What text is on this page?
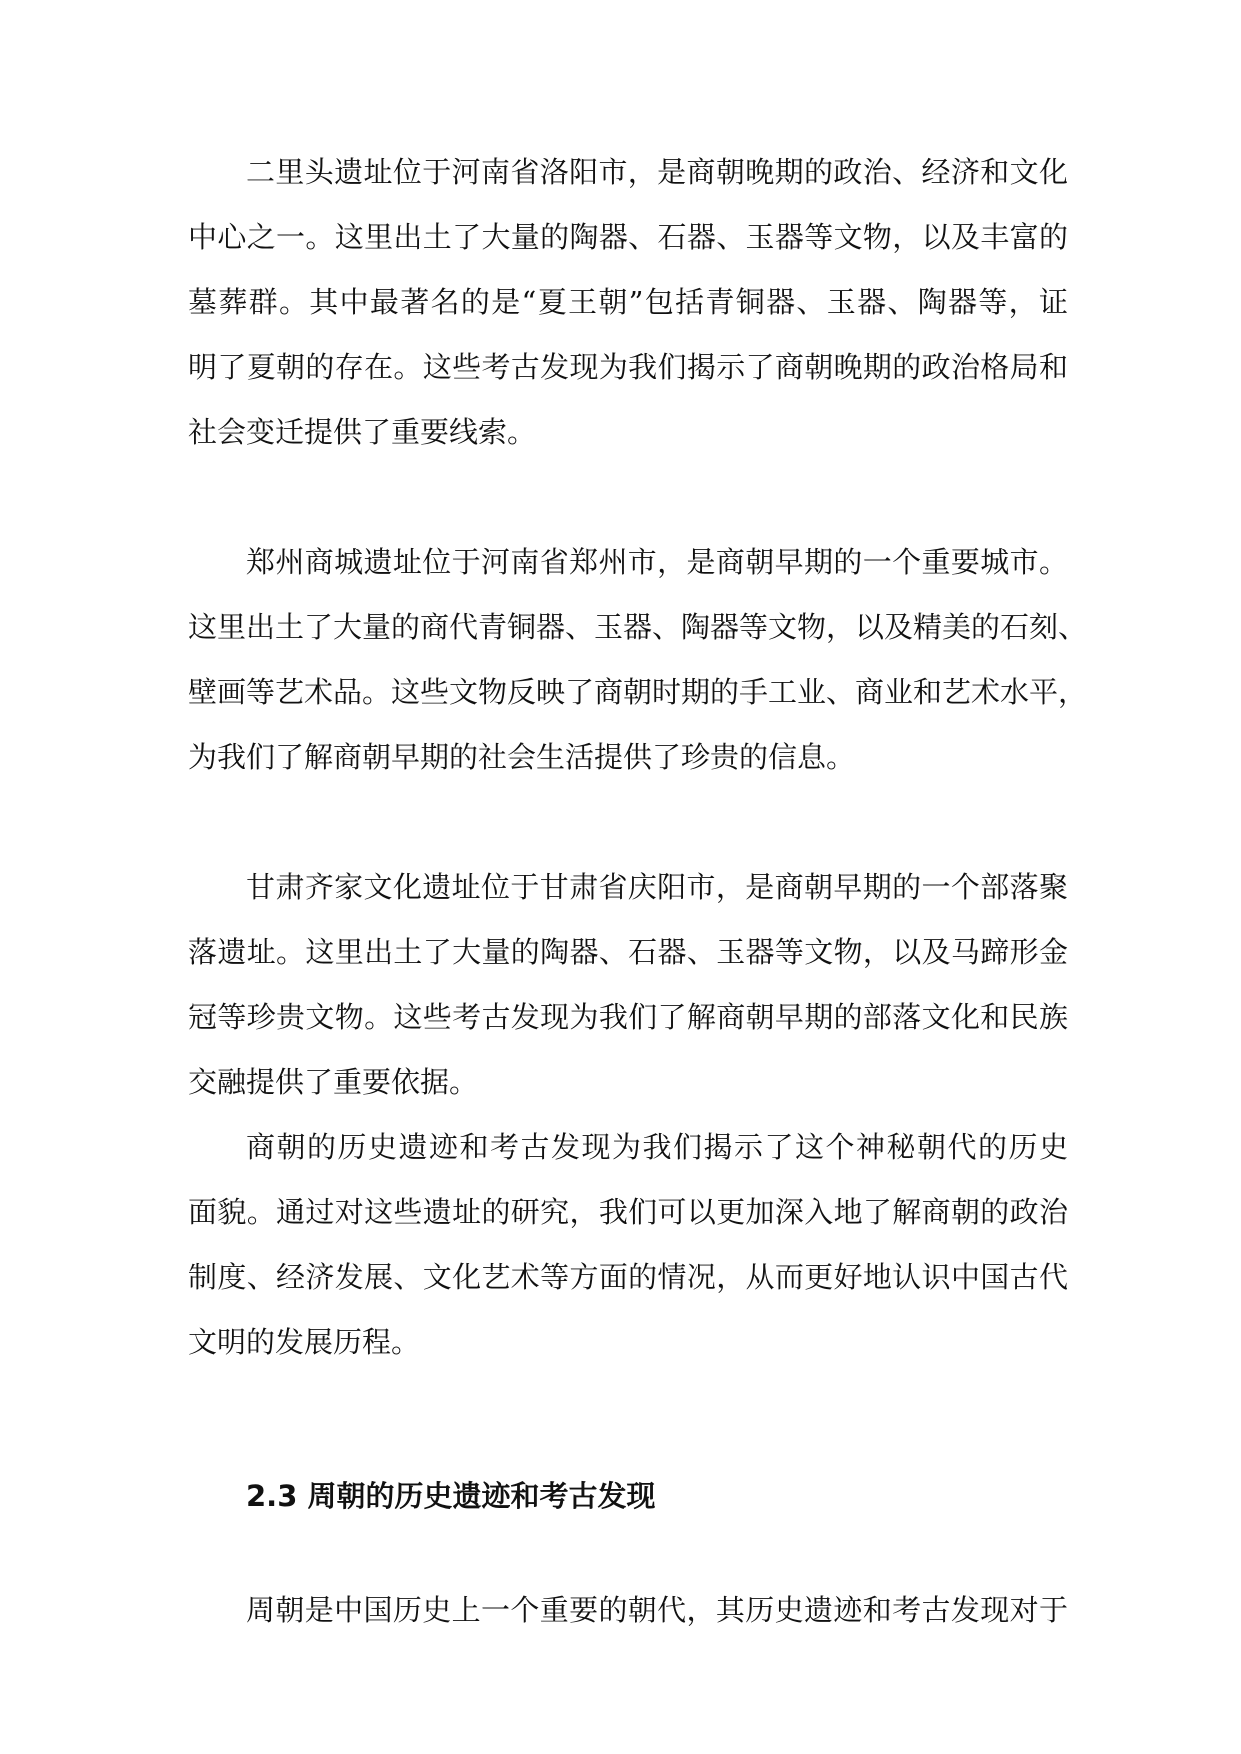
二里头遗址位于河南省洛阳市，是商朝晚期的政治、经济和文化
中心之一。这里出土了大量的陶器、石器、玉器等文物，以及丰富的
墓葬群。其中最著名的是“夏王朝”包括青铜器、玉器、陶器等，证
明了夏朝的存在。这些考古发现为我们揭示了商朝晚期的政治格局和
社会变迁提供了重要线索。
郑州商城遗址位于河南省郑州市，是商朝早期的一个重要城市。
这里出土了大量的商代青铜器、玉器、陶器等文物，以及精美的石刻、
壁画等艺术品。这些文物反映了商朝时期的手工业、商业和艺术水平，
为我们了解商朝早期的社会生活提供了珍贵的信息。
甘肃齐家文化遗址位于甘肃省庆阳市，是商朝早期的一个部落聚
落遗址。这里出土了大量的陶器、石器、玉器等文物，以及马蹄形金
冠等珍贵文物。这些考古发现为我们了解商朝早期的部落文化和民族
交融提供了重要依据。
商朝的历史遗迹和考古发现为我们揭示了这个神秘朝代的历史
面貌。通过对这些遗址的研究，我们可以更加深入地了解商朝的政治
制度、经济发展、文化艺术等方面的情况，从而更好地认识中国古代
文明的发展历程。
2.3 周朝的历史遗迹和考古发现
周朝是中国历史上一个重要的朝代，其历史遗迹和考古发现对于
